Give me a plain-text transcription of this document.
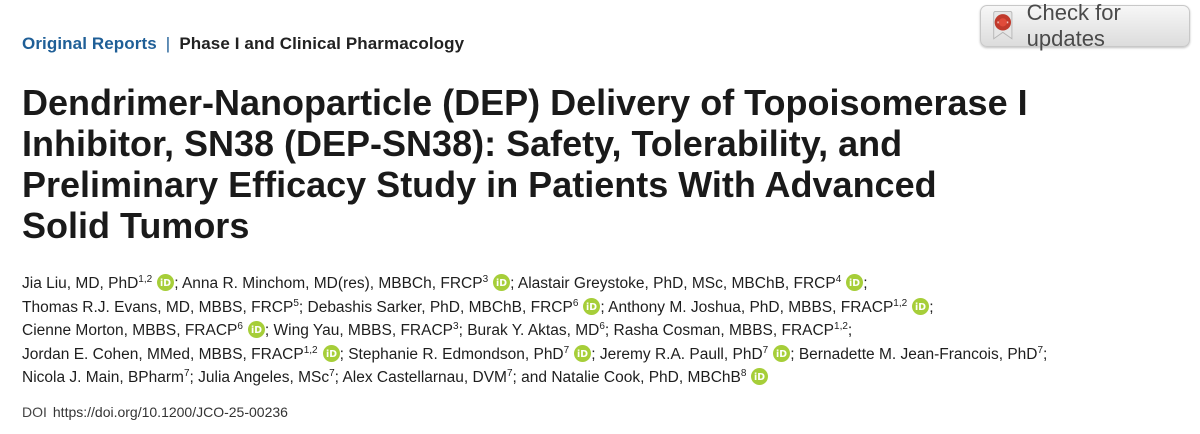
Original Reports | Phase I and Clinical Pharmacology
Check for updates
Dendrimer-Nanoparticle (DEP) Delivery of Topoisomerase I
Inhibitor, SN38 (DEP-SN38): Safety, Tolerability, and
Preliminary Efficacy Study in Patients With Advanced
Solid Tumors
Jia Liu, MD, PhD$^{1,2}$ iD ; Anna R. Minchom, MD(res), MBBCh, FRCP$^3$ iD ; Alastair Greystoke, PhD, MSc, MBChB, FRCP$^4$ iD ;
Thomas R.J. Evans, MD, MBBS, FRCP$^5$; Debashis Sarker, PhD, MBChB, FRCP$^6$ iD ; Anthony M. Joshua, PhD, MBBS, FRACP$^{1,2}$ iD ;
Cienne Morton, MBBS, FRACP$^6$ iD ; Wing Yau, MBBS, FRACP$^3$; Burak Y. Aktas, $MD^6$; Rasha Cosman, MBBS, FRACP$^{1,2}$;
Jordan E. Cohen, MMed, MBBS, FRACP$^{1,2}$ iD ; Stephanie R. Edmondson, PhD$^7$ iD ; Jeremy R.A. Paull, PhD$^7$ iD ; Bernadette M. Jean-Francois, PhD$^7$;
Nicola J. Main, BPharm$^7$; Julia Angeles, MSc$^7$; Alex Castellarnau, DVM$^7$; and Natalie Cook, PhD, MBChB$^8$ iD
DOI https://doi.org/10.1200/JCO-25-00236
